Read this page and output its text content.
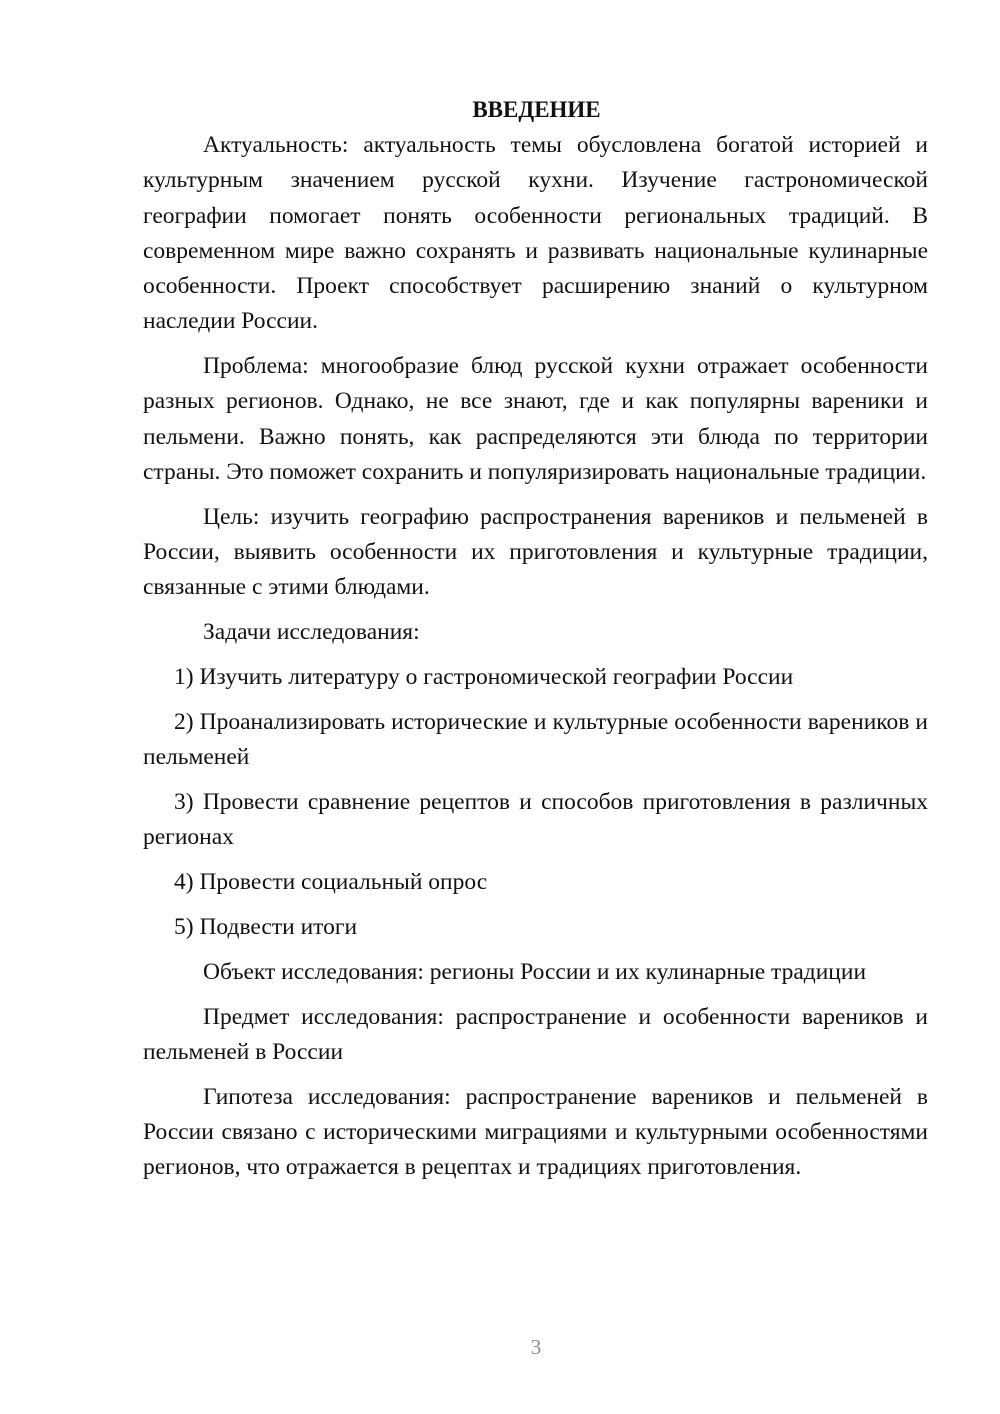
ВВЕДЕНИЕ

Актуальность: актуальность темы обусловлена богатой историей и культурным значением русской кухни. Изучение гастрономической географии помогает понять особенности региональных традиций. В современном мире важно сохранять и развивать национальные кулинарные особенности. Проект способствует расширению знаний о культурном наследии России.

Проблема: многообразие блюд русской кухни отражает особенности разных регионов. Однако, не все знают, где и как популярны вареники и пельмени. Важно понять, как распределяются эти блюда по территории страны. Это поможет сохранить и популяризировать национальные традиции.

Цель: изучить географию распространения вареников и пельменей в России, выявить особенности их приготовления и культурные традиции, связанные с этими блюдами.

Задачи исследования:

1) Изучить литературу о гастрономической географии России

2) Проанализировать исторические и культурные особенности вареников и пельменей

3) Провести сравнение рецептов и способов приготовления в различных регионах

4) Провести социальный опрос

5) Подвести итоги

Объект исследования: регионы России и их кулинарные традиции

Предмет исследования: распространение и особенности вареников и пельменей в России

Гипотеза исследования: распространение вареников и пельменей в России связано с историческими миграциями и культурными особенностями регионов, что отражается в рецептах и традициях приготовления.

3
